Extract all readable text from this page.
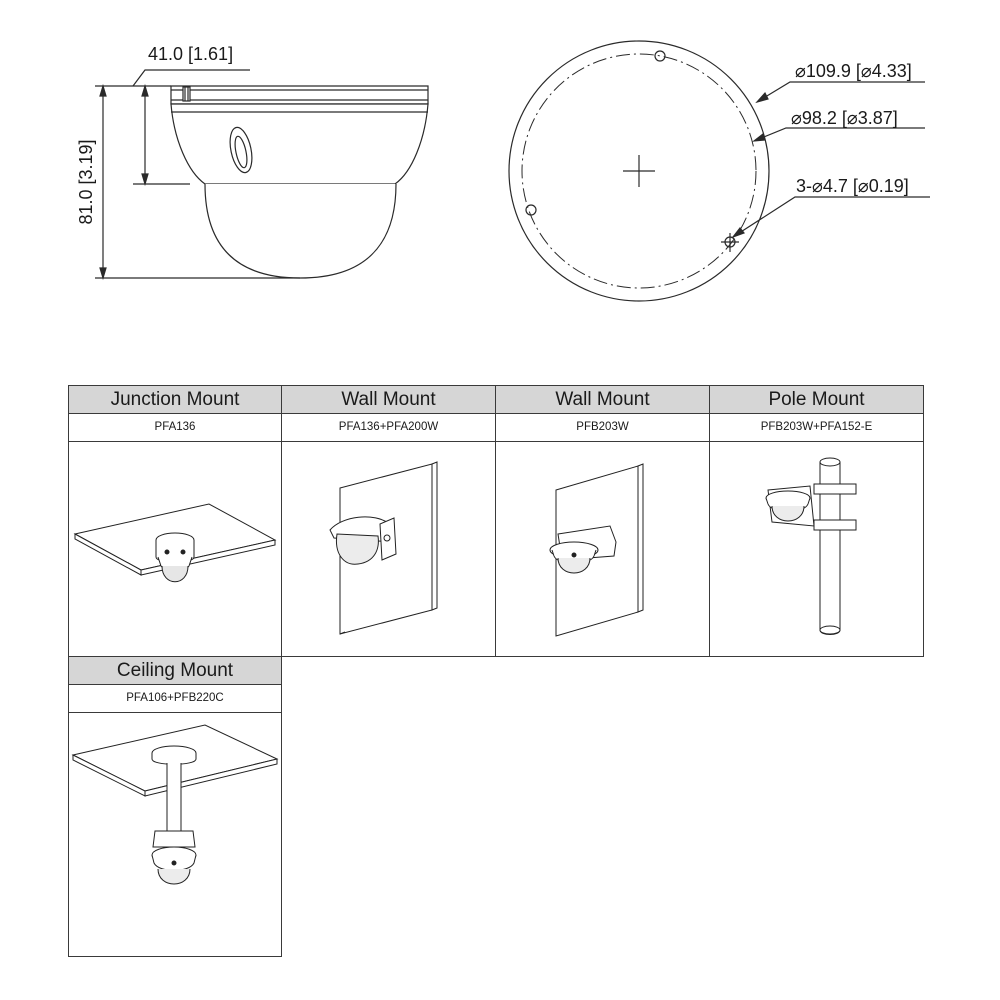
81.0 [3.19]
41.0 [1.61]
⌀109.9 [⌀4.33]
⌀98.2 [⌀3.87]
3-⌀4.7 [⌀0.19]
Junction Mount
PFA136
Wall Mount
PFA136+PFA200W
Wall Mount
PFB203W
Pole Mount
PFB203W+PFA152-E
Ceiling Mount
PFA106+PFB220C
